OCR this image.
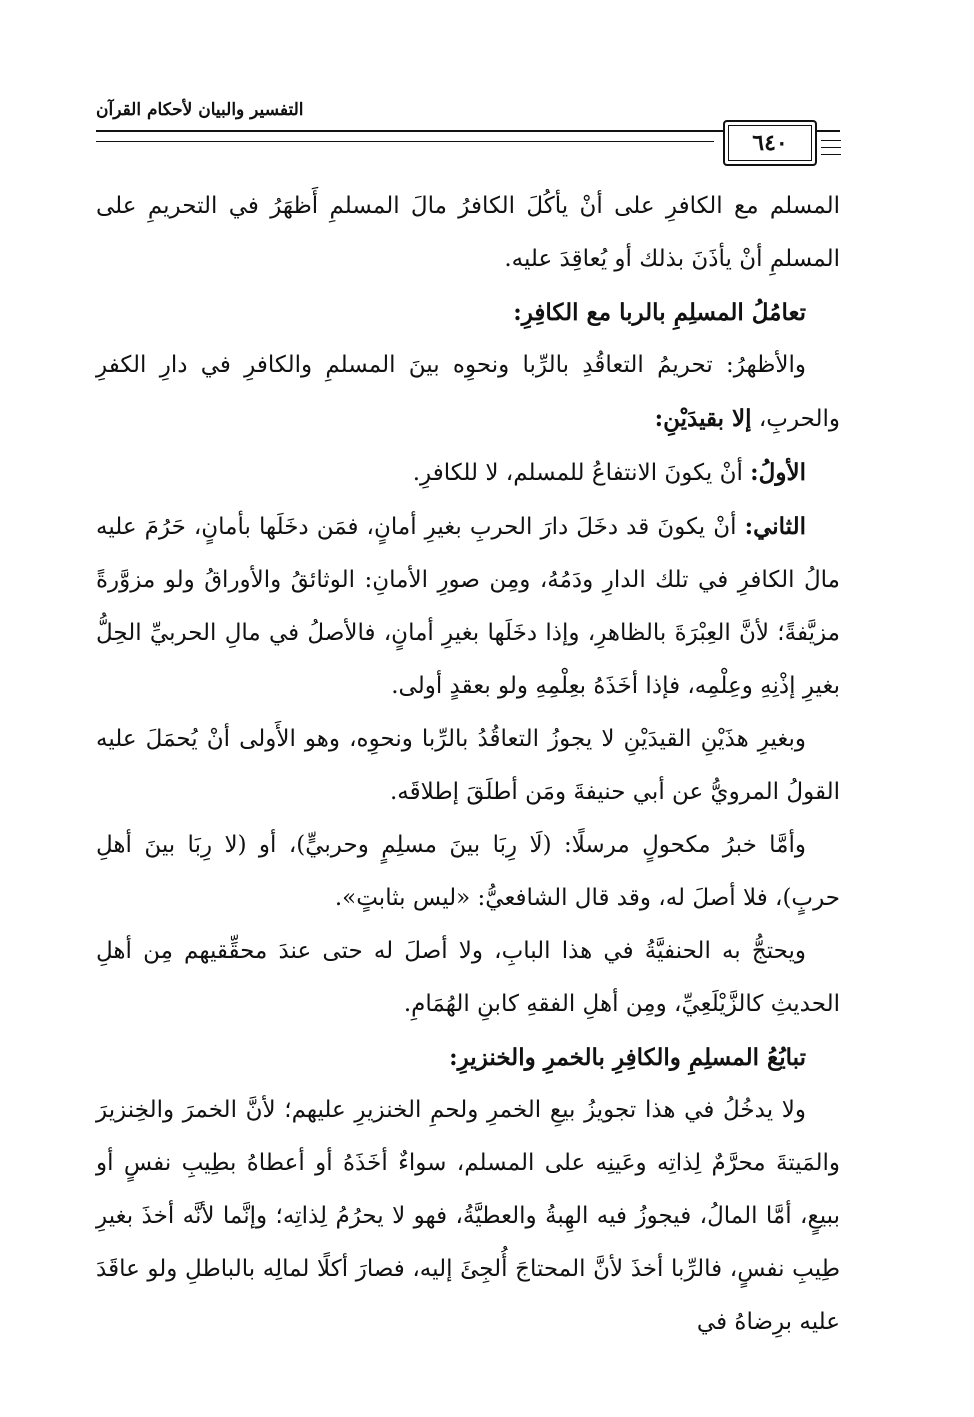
التفسير والبيان لأحكام القرآن
٦٤٠

المسلم مع الكافرِ على أنْ يأكُلَ الكافرُ مالَ المسلمِ أَظهَرُ في التحريمِ على المسلمِ أنْ يأذَنَ بذلك أو يُعاقِدَ عليه.

تعامُلُ المسلِمِ بالربا مع الكافِرِ:

والأظهرُ: تحريمُ التعاقُدِ بالرِّبا ونحوِه بينَ المسلمِ والكافرِ في دارِ الكفرِ والحربِ، إلا بقيدَيْنِ:

الأولُ: أنْ يكونَ الانتفاعُ للمسلم، لا للكافرِ.

الثاني: أنْ يكونَ قد دخَلَ دارَ الحربِ بغيرِ أمانٍ، فمَن دخَلَها بأمانٍ، حَرُمَ عليه مالُ الكافرِ في تلك الدارِ ودَمُهُ، ومِن صورِ الأمانِ: الوثائقُ والأوراقُ ولو مزوَّرةً مزيَّفةً؛ لأنَّ العِبْرَةَ بالظاهرِ، وإذا دخَلَها بغيرِ أمانٍ، فالأصلُ في مالِ الحربيِّ الحِلُّ بغيرِ إذْنِهِ وعِلْمِه، فإذا أخَذَهُ بعِلْمِهِ ولو بعقدٍ أولى.

وبغيرِ هذَيْنِ القيدَيْنِ لا يجوزُ التعاقُدُ بالرِّبا ونحوِه، وهو الأَولى أنْ يُحمَلَ عليه القولُ المرويُّ عن أبي حنيفةَ ومَن أطلَقَ إطلاقَه.

وأمَّا خبرُ مكحولٍ مرسلًا: (لَا رِبَا بينَ مسلِمٍ وحربيٍّ)، أو (لا رِبَا بينَ أهلِ حربٍ)، فلا أصلَ له، وقد قال الشافعيُّ: «ليس بثابتٍ».

ويحتجُّ به الحنفيَّةُ في هذا البابِ، ولا أصلَ له حتى عندَ محقِّقيهم مِن أهلِ الحديثِ كالزَّيْلَعِيِّ، ومِن أهلِ الفقهِ كابنِ الهُمَامِ.

تبايُعُ المسلِمِ والكافِرِ بالخمرِ والخنزيرِ:

ولا يدخُلُ في هذا تجويزُ بيعِ الخمرِ ولحمِ الخنزيرِ عليهم؛ لأنَّ الخمرَ والخِنزيرَ والمَيتةَ محرَّمٌ لِذاتِه وعَينِه على المسلم، سواءٌ أخَذَهُ أو أعطاهُ بطِيبِ نفسٍ أو ببيعٍ، أمَّا المالُ، فيجوزُ فيه الهِبةُ والعطيَّةُ، فهو لا يحرُمُ لِذاتِه؛ وإنَّما لأنَّه أخذَ بغيرِ طِيبِ نفسٍ، فالرِّبا أخذَ لأنَّ المحتاجَ أُلجِئَ إليه، فصارَ أكلًا لمالِه بالباطلِ ولو عاقَدَ عليه برِضاهُ في
